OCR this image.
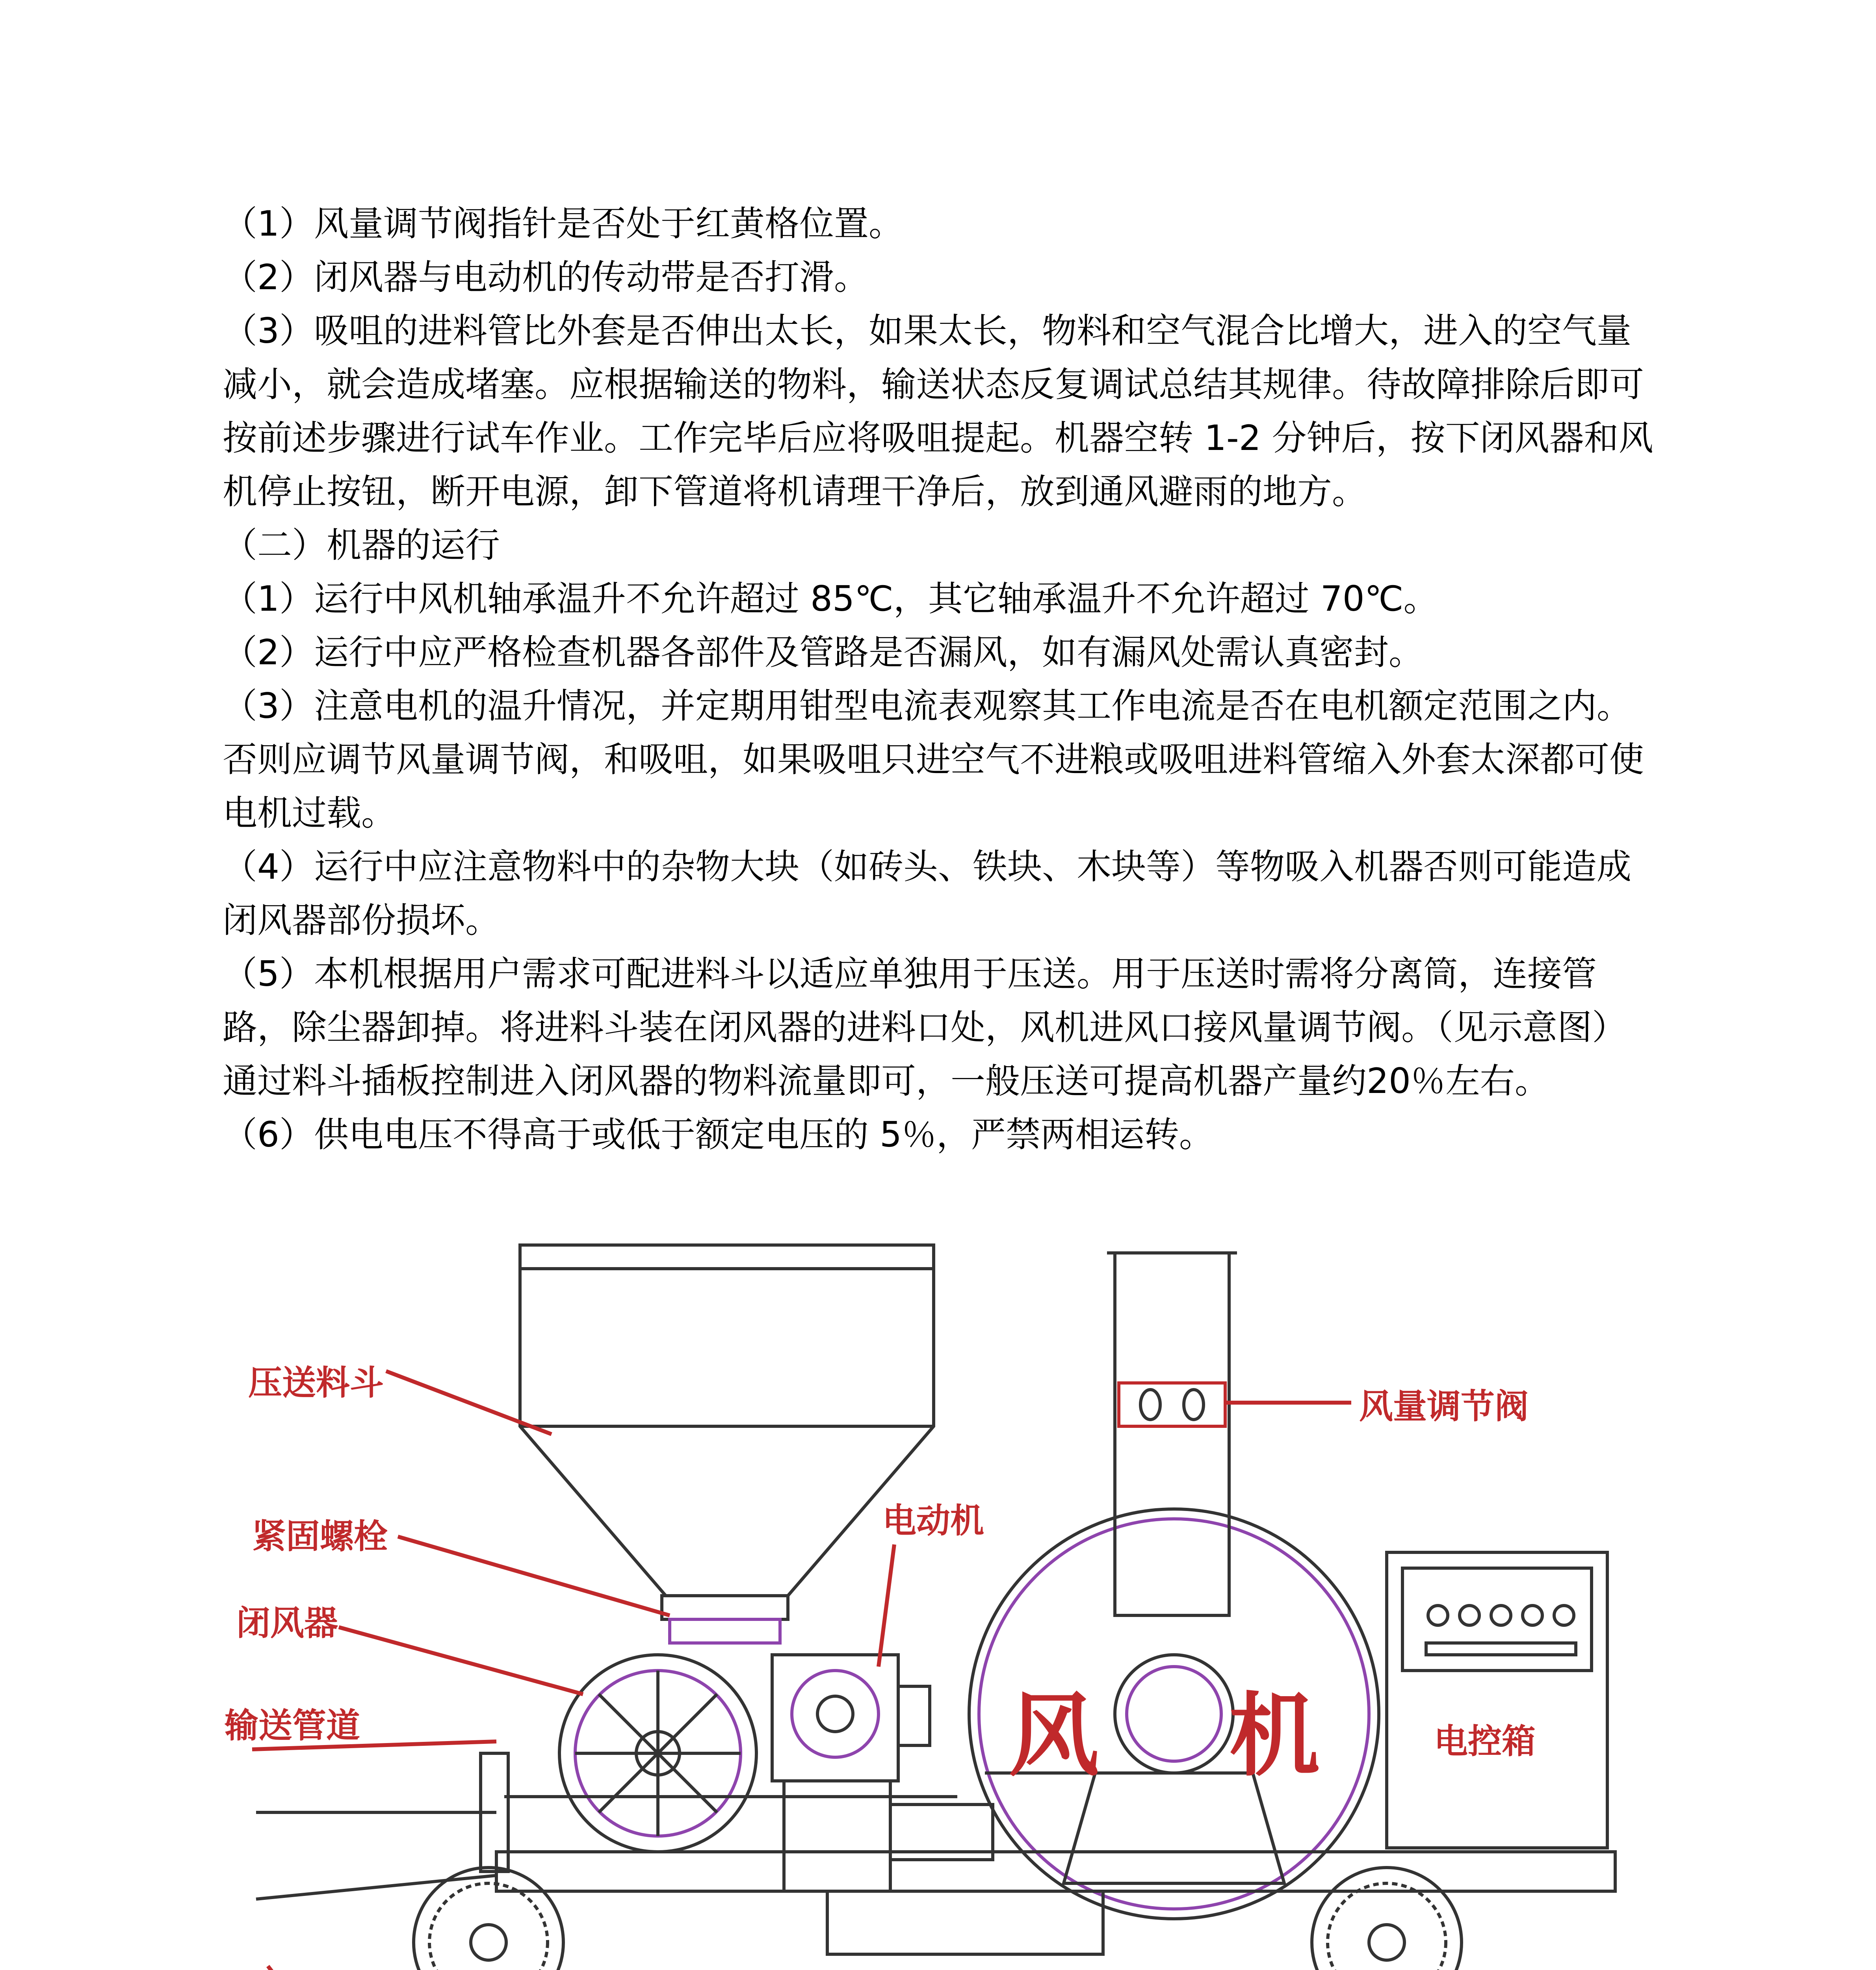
（1）风量调节阀指针是否处于红黄格位置。

（2）闭风器与电动机的传动带是否打滑。

（3）吸咀的进料管比外套是否伸出太长，如果太长，物料和空气混合比增大，进入的空气量减小，就会造成堵塞。应根据输送的物料，输送状态反复调试总结其规律。待故障排除后即可按前述步骤进行试车作业。工作完毕后应将吸咀提起。机器空转 1-2 分钟后，按下闭风器和风机停止按钮，断开电源，卸下管道将机请理干净后，放到通风避雨的地方。

（二）机器的运行

（1）运行中风机轴承温升不允许超过 85℃，其它轴承温升不允许超过 70℃。

（2）运行中应严格检查机器各部件及管路是否漏风，如有漏风处需认真密封。

（3）注意电机的温升情况，并定期用钳型电流表观察其工作电流是否在电机额定范围之内。否则应调节风量调节阀，和吸咀，如果吸咀只进空气不进粮或吸咀进料管缩入外套太深都可使电机过载。

（4）运行中应注意物料中的杂物大块（如砖头、铁块、木块等）等物吸入机器否则可能造成闭风器部份损坏。

（5）本机根据用户需求可配进料斗以适应单独用于压送。用于压送时需将分离筒，连接管路，除尘器卸掉。将进料斗装在闭风器的进料口处，风机进风口接风量调节阀。（见示意图）通过料斗插板控制进入闭风器的物料流量即可，一般压送可提高机器产量约20％左右。

（6）供电电压不得高于或低于额定电压的 5％，严禁两相运转。

压送料斗
紧固螺栓
闭风器
输送管道
电动机
风量调节阀
风 机	电控箱
